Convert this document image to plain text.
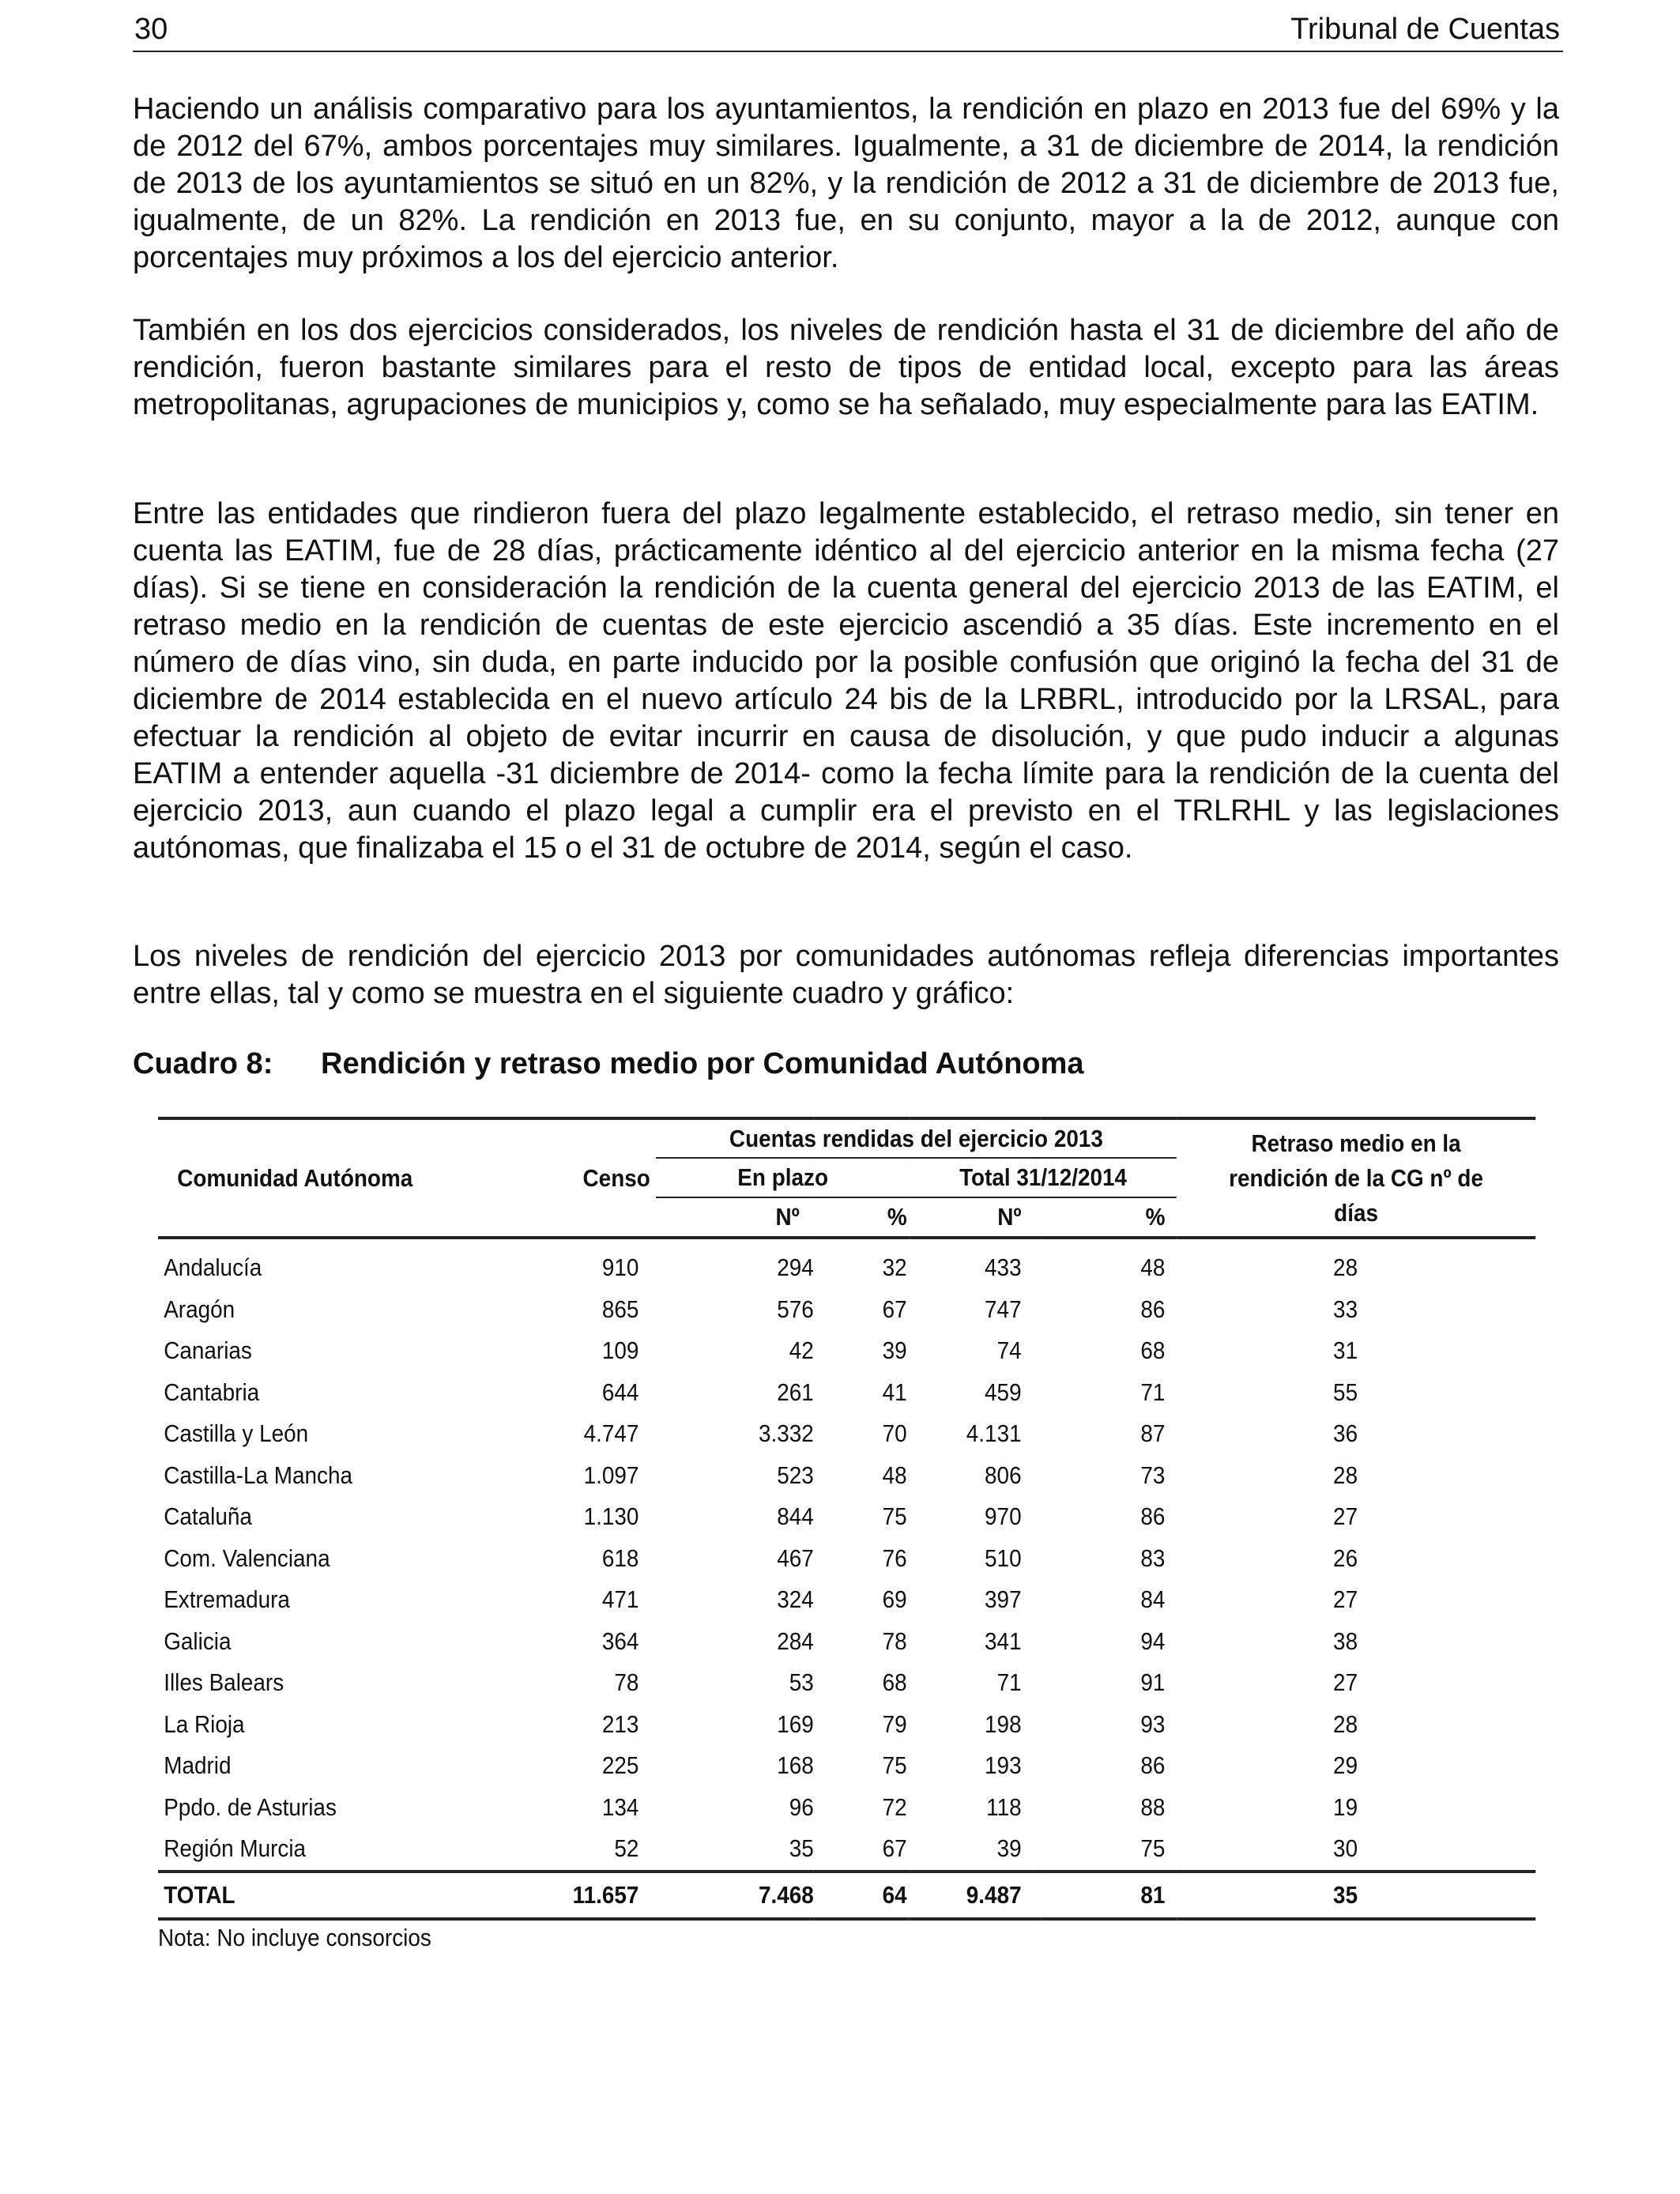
30	Tribunal de Cuentas

Haciendo un análisis comparativo para los ayuntamientos, la rendición en plazo en 2013 fue del 69% y la de 2012 del 67%, ambos porcentajes muy similares. Igualmente, a 31 de diciembre de 2014, la rendición de 2013 de los ayuntamientos se situó en un 82%, y la rendición de 2012 a 31 de diciembre de 2013 fue, igualmente, de un 82%. La rendición en 2013 fue, en su conjunto, mayor a la de 2012, aunque con porcentajes muy próximos a los del ejercicio anterior.

También en los dos ejercicios considerados, los niveles de rendición hasta el 31 de diciembre del año de rendición, fueron bastante similares para el resto de tipos de entidad local, excepto para las áreas metropolitanas, agrupaciones de municipios y, como se ha señalado, muy especialmente para las EATIM.

Entre las entidades que rindieron fuera del plazo legalmente establecido, el retraso medio, sin tener en cuenta las EATIM, fue de 28 días, prácticamente idéntico al del ejercicio anterior en la misma fecha (27 días). Si se tiene en consideración la rendición de la cuenta general del ejercicio 2013 de las EATIM, el retraso medio en la rendición de cuentas de este ejercicio ascendió a 35 días. Este incremento en el número de días vino, sin duda, en parte inducido por la posible confusión que originó la fecha del 31 de diciembre de 2014 establecida en el nuevo artículo 24 bis de la LRBRL, introducido por la LRSAL, para efectuar la rendición al objeto de evitar incurrir en causa de disolución, y que pudo inducir a algunas EATIM a entender aquella -31 diciembre de 2014- como la fecha límite para la rendición de la cuenta del ejercicio 2013, aun cuando el plazo legal a cumplir era el previsto en el TRLRHL y las legislaciones autónomas, que finalizaba el 15 o el 31 de octubre de 2014, según el caso.

Los niveles de rendición del ejercicio 2013 por comunidades autónomas refleja diferencias importantes entre ellas, tal y como se muestra en el siguiente cuadro y gráfico:

Cuadro 8: Rendición y retraso medio por Comunidad Autónoma
Comunidad Autónoma	Censo	Cuentas rendidas del ejercicio 2013				Retraso medio en la rendición de la CG nº de días
		En plazo		Total 31/12/2014		
		Nº	%	Nº	%	
Andalucía	910	294	32	433	48	28
Aragón	865	576	67	747	86	33
Canarias	109	42	39	74	68	31
Cantabria	644	261	41	459	71	55
Castilla y León	4.747	3.332	70	4.131	87	36
Castilla-La Mancha	1.097	523	48	806	73	28
Cataluña	1.130	844	75	970	86	27
Com. Valenciana	618	467	76	510	83	26
Extremadura	471	324	69	397	84	27
Galicia	364	284	78	341	94	38
Illes Balears	78	53	68	71	91	27
La Rioja	213	169	79	198	93	28
Madrid	225	168	75	193	86	29
Ppdo. de Asturias	134	96	72	118	88	19
Región Murcia	52	35	67	39	75	30
TOTAL	11.657	7.468	64	9.487	81	35
Nota: No incluye consorcios
